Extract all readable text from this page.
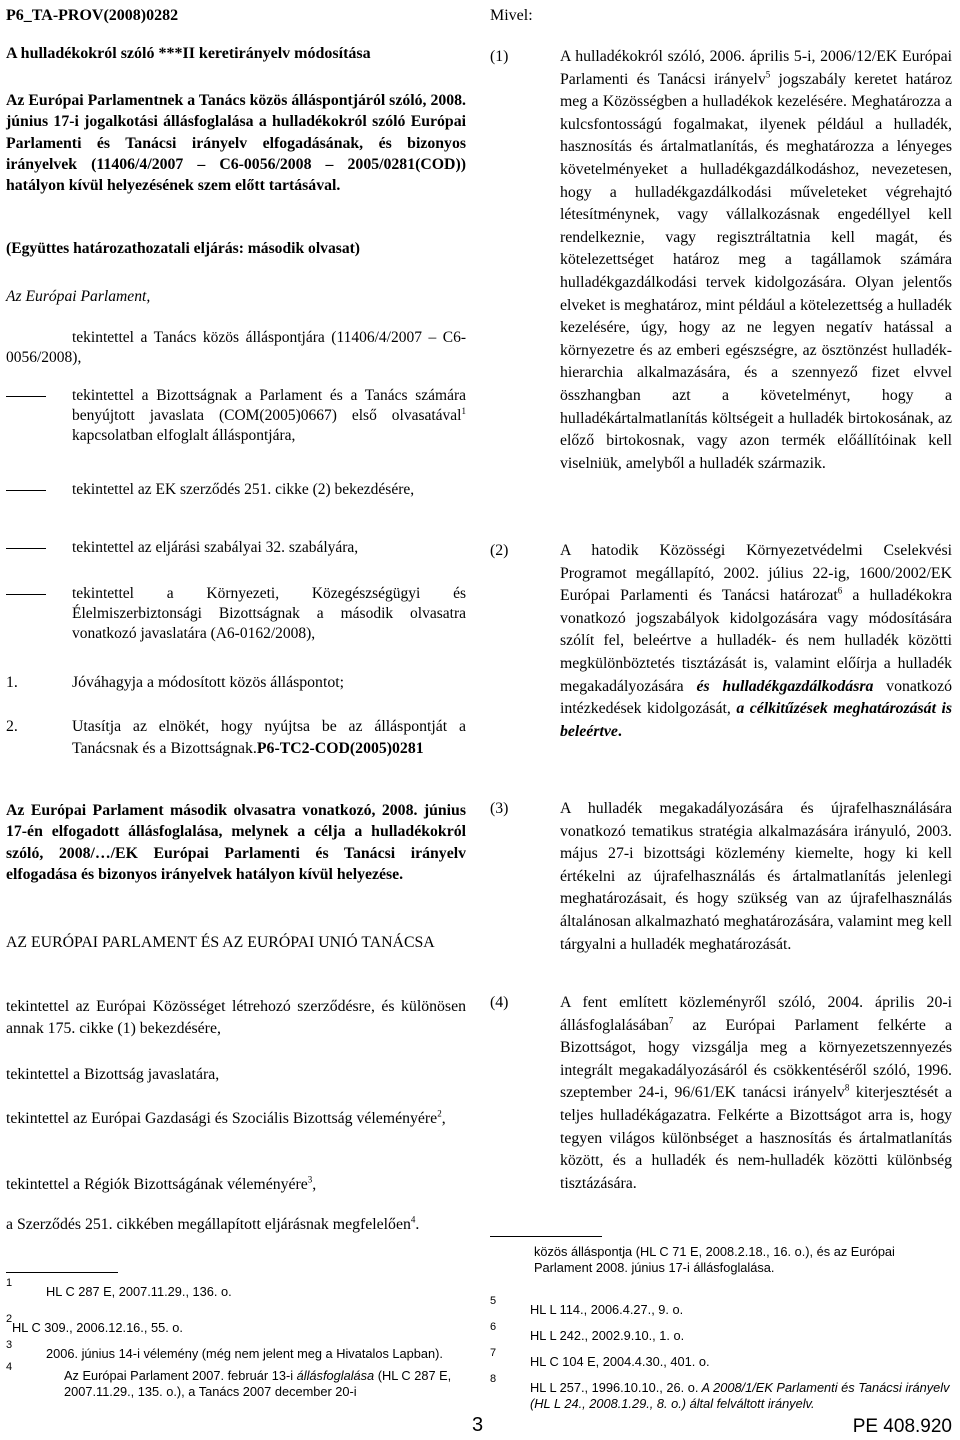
P6_TA-PROV(2008)0282

A hulladékokról szóló ***II keretirányelv módosítása

Az Európai Parlamentnek a Tanács közös álláspontjáról szóló, 2008. június 17-i jogalkotási állásfoglalása a hulladékokról szóló Európai Parlamenti és Tanácsi irányelv elfogadásának, és bizonyos irányelvek (11406/4/2007 – C6-0056/2008 – 2005/0281(COD)) hatályon kívül helyezésének szem előtt tartásával.

(Együttes határozathozatali eljárás: második olvasat)

Az Európai Parlament,

tekintettel a Tanács közös álláspontjára (11406/4/2007 – C6-0056/2008),
tekintettel a Bizottságnak a Parlament és a Tanács számára benyújtott javaslata (COM(2005)0667) első olvasatával$^1$ kapcsolatban elfoglalt álláspontjára,
tekintettel az EK szerződés 251. cikke (2) bekezdésére,
tekintettel az eljárási szabályai 32. szabályára,
tekintettel a Környezeti, Közegészségügyi és Élelmiszerbiztonsági Bizottságnak a második olvasatra vonatkozó javaslatára (A6-0162/2008),
1.	Jóváhagyja a módosított közös álláspontot;
2.	Utasítja az elnökét, hogy nyújtsa be az álláspontját a Tanácsnak és a Bizottságnak.P6-TC2-COD(2005)0281

Az Európai Parlament második olvasatra vonatkozó, 2008. június 17-én elfogadott állásfoglalása, melynek a célja a hulladékokról szóló, 2008/…/EK Európai Parlamenti és Tanácsi irányelv elfogadása és bizonyos irányelvek hatályon kívül helyezése.

AZ EURÓPAI PARLAMENT ÉS AZ EURÓPAI UNIÓ TANÁCSA

tekintettel az Európai Közösséget létrehozó szerződésre, és különösen annak 175. cikke (1) bekezdésére,

tekintettel a Bizottság javaslatára,

tekintettel az Európai Gazdasági és Szociális Bizottság véleményére$^2$,

tekintettel a Régiók Bizottságának véleményére$^3$,

a Szerződés 251. cikkében megállapított eljárásnak megfelelően$^4$.

1
HL C 287 E, 2007.11.29., 136. o.
2
HL C 309., 2006.12.16., 55. o.
3
2006. június 14-i vélemény (még nem jelent meg a Hivatalos Lapban).
4
Az Európai Parlament 2007. február 13-i állásfoglalása (HL C 287 E, 2007.11.29., 135. o.), a Tanács 2007 december 20-i

Mivel:

(1)	A hulladékokról szóló, 2006. április 5-i, 2006/12/EK Európai Parlamenti és Tanácsi irányelv$^5$ jogszabály keretet határoz meg a Közösségben a hulladékok kezelésére. Meghatározza a kulcsfontosságú fogalmakat, ilyenek például a hulladék, hasznosítás és ártalmatlanítás, és meghatározza a lényeges követelményeket a hulladékgazdálkodáshoz, nevezetesen, hogy a hulladékgazdálkodási műveleteket végrehajtó létesítménynek, vagy vállalkozásnak engedéllyel kell rendelkeznie, vagy regisztráltatnia kell magát, és kötelezettséget határoz meg a tagállamok számára hulladékgazdálkodási tervek kidolgozására. Olyan jelentős elveket is meghatároz, mint például a kötelezettség a hulladék kezelésére, úgy, hogy az ne legyen negatív hatással a környezetre és az emberi egészségre, az ösztönzést hulladék-hierarchia alkalmazására, és a szennyező fizet elvvel összhangban azt a követelményt, hogy a hulladékártalmatlanítás költségeit a hulladék birtokosának, az előző birtokosnak, vagy azon termék előállítóinak kell viselniük, amelyből a hulladék származik.
(2)	A hatodik Közösségi Környezetvédelmi Cselekvési Programot megállapító, 2002. július 22-ig, 1600/2002/EK Európai Parlamenti és Tanácsi határozat$^6$ a hulladékokra vonatkozó jogszabályok kidolgozására vagy módosítására szólít fel, beleértve a hulladék- és nem hulladék közötti megkülönböztetés tisztázását is, valamint előírja a hulladék megakadályozására és hulladékgazdálkodásra vonatkozó intézkedések kidolgozását, a célkitűzések meghatározását is beleértve.
(3)	A hulladék megakadályozására és újrafelhasználására vonatkozó tematikus stratégia alkalmazására irányuló, 2003. május 27-i bizottsági közlemény kiemelte, hogy ki kell értékelni az újrafelhasználás és ártalmatlanítás jelenlegi meghatározásait, és hogy szükség van az újrafelhasználás általánosan alkalmazható meghatározására, valamint meg kell tárgyalni a hulladék meghatározását.
(4)	A fent említett közleményről szóló, 2004. április 20-i állásfoglalásában$^7$ az Európai Parlament felkérte a Bizottságot, hogy vizsgálja meg a környezetszennyezés integrált megakadályozásáról és csökkentéséről szóló, 1996. szeptember 24-i, 96/61/EK tanácsi irányelv$^8$ kiterjesztését a teljes hulladékágazatra. Felkérte a Bizottságot arra is, hogy tegyen világos különbséget a hasznosítás és ártalmatlanítás között, és a hulladék és nem-hulladék közötti különbség tisztázására.
közös álláspontja (HL C 71 E, 2008.2.18., 16. o.), és az Európai Parlament 2008. június 17-i állásfoglalása.
5
HL L 114., 2006.4.27., 9. o.
6
HL L 242., 2002.9.10., 1. o.
7
HL C 104 E, 2004.4.30., 401. o.
8
HL L 257., 1996.10.10., 26. o. A 2008/1/EK Parlamenti és Tanácsi irányelv (HL L 24., 2008.1.29., 8. o.) által felváltott irányelv.
3	PE 408.920
